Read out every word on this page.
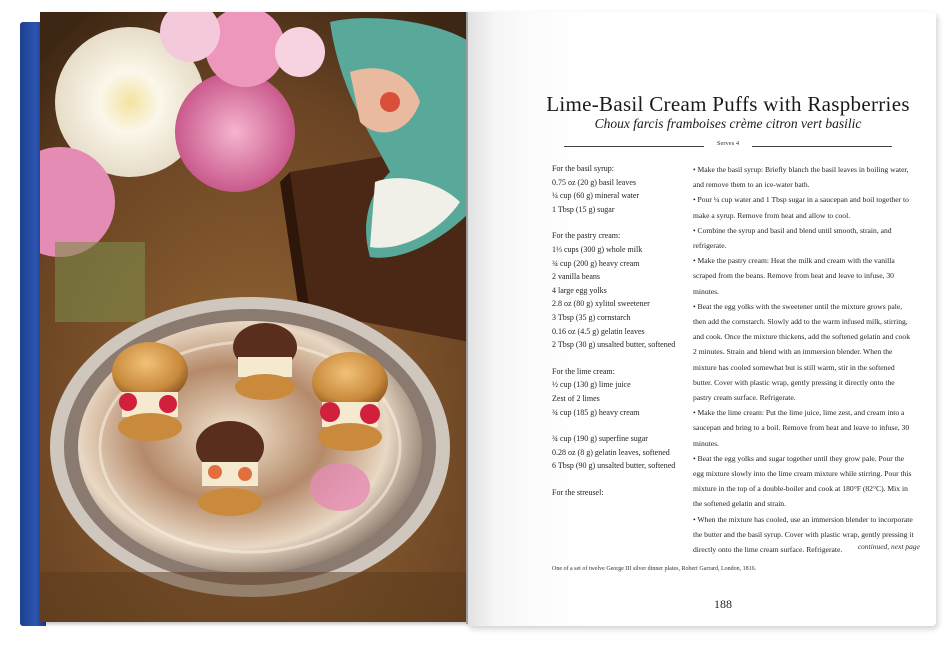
Lime-Basil Cream Puffs with Raspberries
Choux farcis framboises crème citron vert basilic
Serves 4
For the basil syrup:
0.75 oz (20 g) basil leaves
¼ cup (60 g) mineral water
1 Tbsp (15 g) sugar
For the pastry cream:
1⅓ cups (300 g) whole milk
¾ cup (200 g) heavy cream
2 vanilla beans
4 large egg yolks
2.8 oz (80 g) xylitol sweetener
3 Tbsp (35 g) cornstarch
0.16 oz (4.5 g) gelatin leaves
2 Tbsp (30 g) unsalted butter, softened
For the lime cream:
½ cup (130 g) lime juice
Zest of 2 limes
¾ cup (185 g) heavy cream
¾ cup (190 g) superfine sugar
0.28 oz (8 g) gelatin leaves, softened
6 Tbsp (90 g) unsalted butter, softened
For the streusel:
• Make the basil syrup: Briefly blanch the basil leaves in boiling water, and remove them to an ice-water bath.
• Pour ¼ cup water and 1 Tbsp sugar in a saucepan and boil together to make a syrup. Remove from heat and allow to cool.
• Combine the syrup and basil and blend until smooth, strain, and refrigerate.
• Make the pastry cream: Heat the milk and cream with the vanilla scraped from the beans. Remove from heat and leave to infuse, 30 minutes.
• Beat the egg yolks with the sweetener until the mixture grows pale, then add the cornstarch. Slowly add to the warm infused milk, stirring, and cook. Once the mixture thickens, add the softened gelatin and cook 2 minutes. Strain and blend with an immersion blender. When the mixture has cooled somewhat but is still warm, stir in the softened butter. Cover with plastic wrap, gently pressing it directly onto the pastry cream surface. Refrigerate.
• Make the lime cream: Put the lime juice, lime zest, and cream into a saucepan and bring to a boil. Remove from heat and leave to infuse, 30 minutes.
• Beat the egg yolks and sugar together until they grow pale. Pour the egg mixture slowly into the lime cream mixture while stirring. Pour this mixture in the top of a double-boiler and cook at 180°F (82°C). Mix in the softened gelatin and strain.
• When the mixture has cooled, use an immersion blender to incorporate the butter and the basil syrup. Cover with plastic wrap, gently pressing it directly onto the lime cream surface. Refrigerate.	continued, next page
One of a set of twelve George III silver dinner plates, Robert Garrard, London, 1816.
188
